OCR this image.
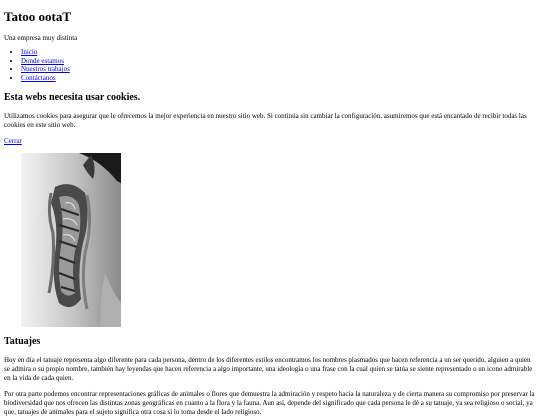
Tatoo ootaT

Una empresa muy distinta

• Inicio
• Donde estamos
• Nuestros trabajos
• Contáctanos
Esta webs necesita usar cookies.

Utilizamos cookies para asegurar que le ofrecemos la mejor experiencia en nuestro sitio web. Si continúa sin cambiar la configuración, asumiremos que está encantado de recibir todas las cookies en este sitio web.

Cerrar

Tatuajes

Hoy en día el tatuaje representa algo diferente para cada persona, dentro de los diferentes estilos encontramos los nombres plasmados que hacen referencia a un ser querido, alguien a quien se admira o su propio nombre, también hay leyendas que hacen referencia a algo importante, una ideología o una frase con la cual quien se tatúa se siente representado o un icono admirable en la vida de cada quien.

Por otra parte podemos encontrar representaciones gráficas de animales o flores que demuestra la admiración y respeto hacia la naturaleza y de cierta manera su compromiso por preservar la biodiversidad que nos ofrecen las distintas zonas geográficas en cuanto a la flora y la fauna. Aun así, depende del significado que cada persona le dé a su tatuaje, ya sea religioso o social, ya que, tatuajes de animales para el sujeto significa otra cosa si lo toma desde el lado religioso.
